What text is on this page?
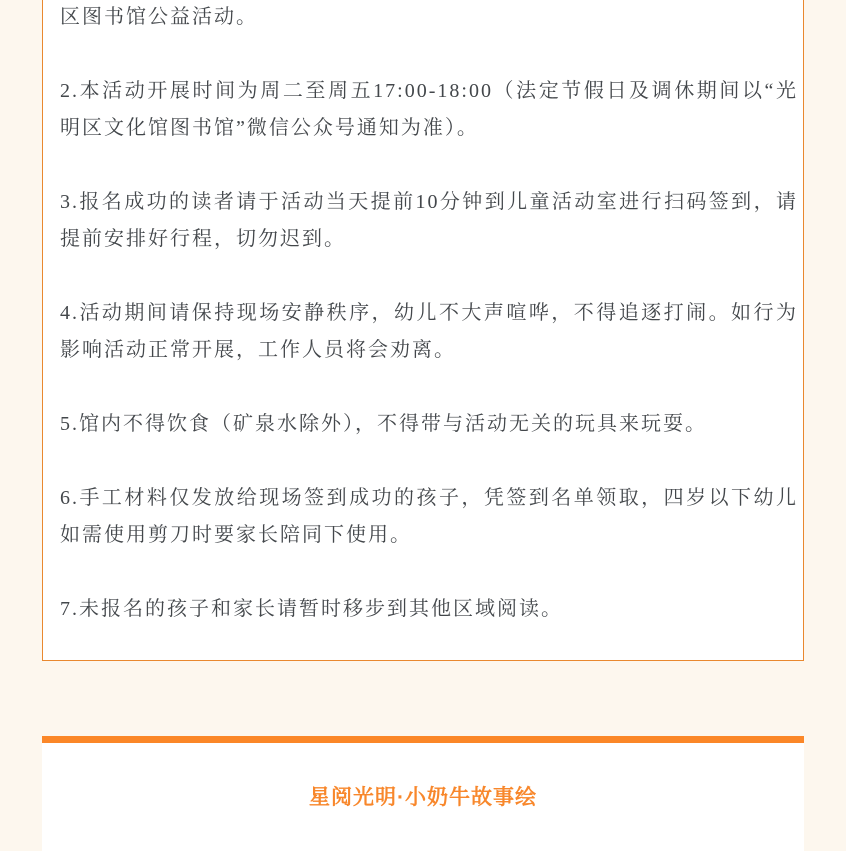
区图书馆公益活动。

2.本活动开展时间为周二至周五17:00-18:00（法定节假日及调休期间以“光明区文化馆图书馆”微信公众号通知为准）。

3.报名成功的读者请于活动当天提前10分钟到儿童活动室进行扫码签到，请提前安排好行程，切勿迟到。

4.活动期间请保持现场安静秩序，幼儿不大声喧哗，不得追逐打闹。如行为影响活动正常开展，工作人员将会劝离。

5.馆内不得饮食（矿泉水除外），不得带与活动无关的玩具来玩耍。

6.手工材料仅发放给现场签到成功的孩子，凭签到名单领取，四岁以下幼儿如需使用剪刀时要家长陪同下使用。

7.未报名的孩子和家长请暂时移步到其他区域阅读。

星阅光明·小奶牛故事绘
